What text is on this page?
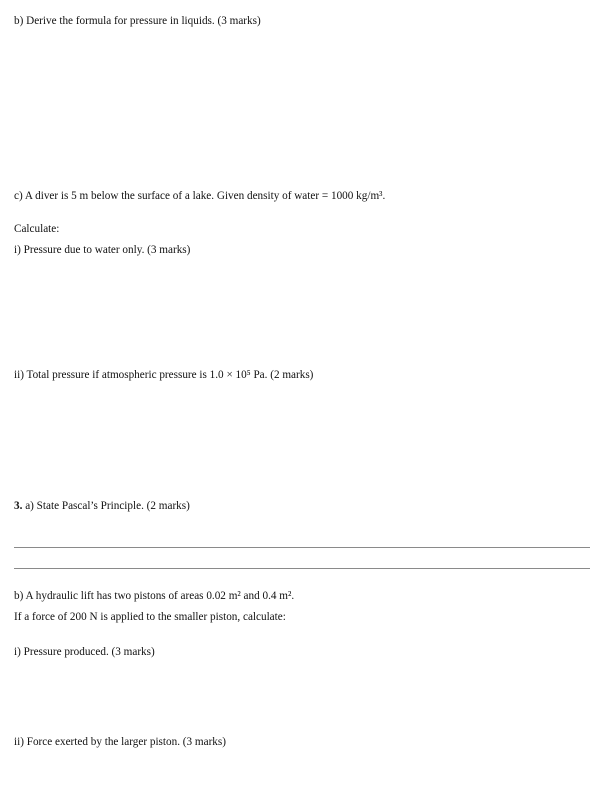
b) Derive the formula for pressure in liquids. (3 marks)
c) A diver is 5 m below the surface of a lake. Given density of water = 1000 kg/m³.
Calculate:
i) Pressure due to water only. (3 marks)
ii) Total pressure if atmospheric pressure is 1.0 × 10⁵ Pa. (2 marks)
3. a) State Pascal’s Principle. (2 marks)
b) A hydraulic lift has two pistons of areas 0.02 m² and 0.4 m².
If a force of 200 N is applied to the smaller piston, calculate:
i) Pressure produced. (3 marks)
ii) Force exerted by the larger piston. (3 marks)
